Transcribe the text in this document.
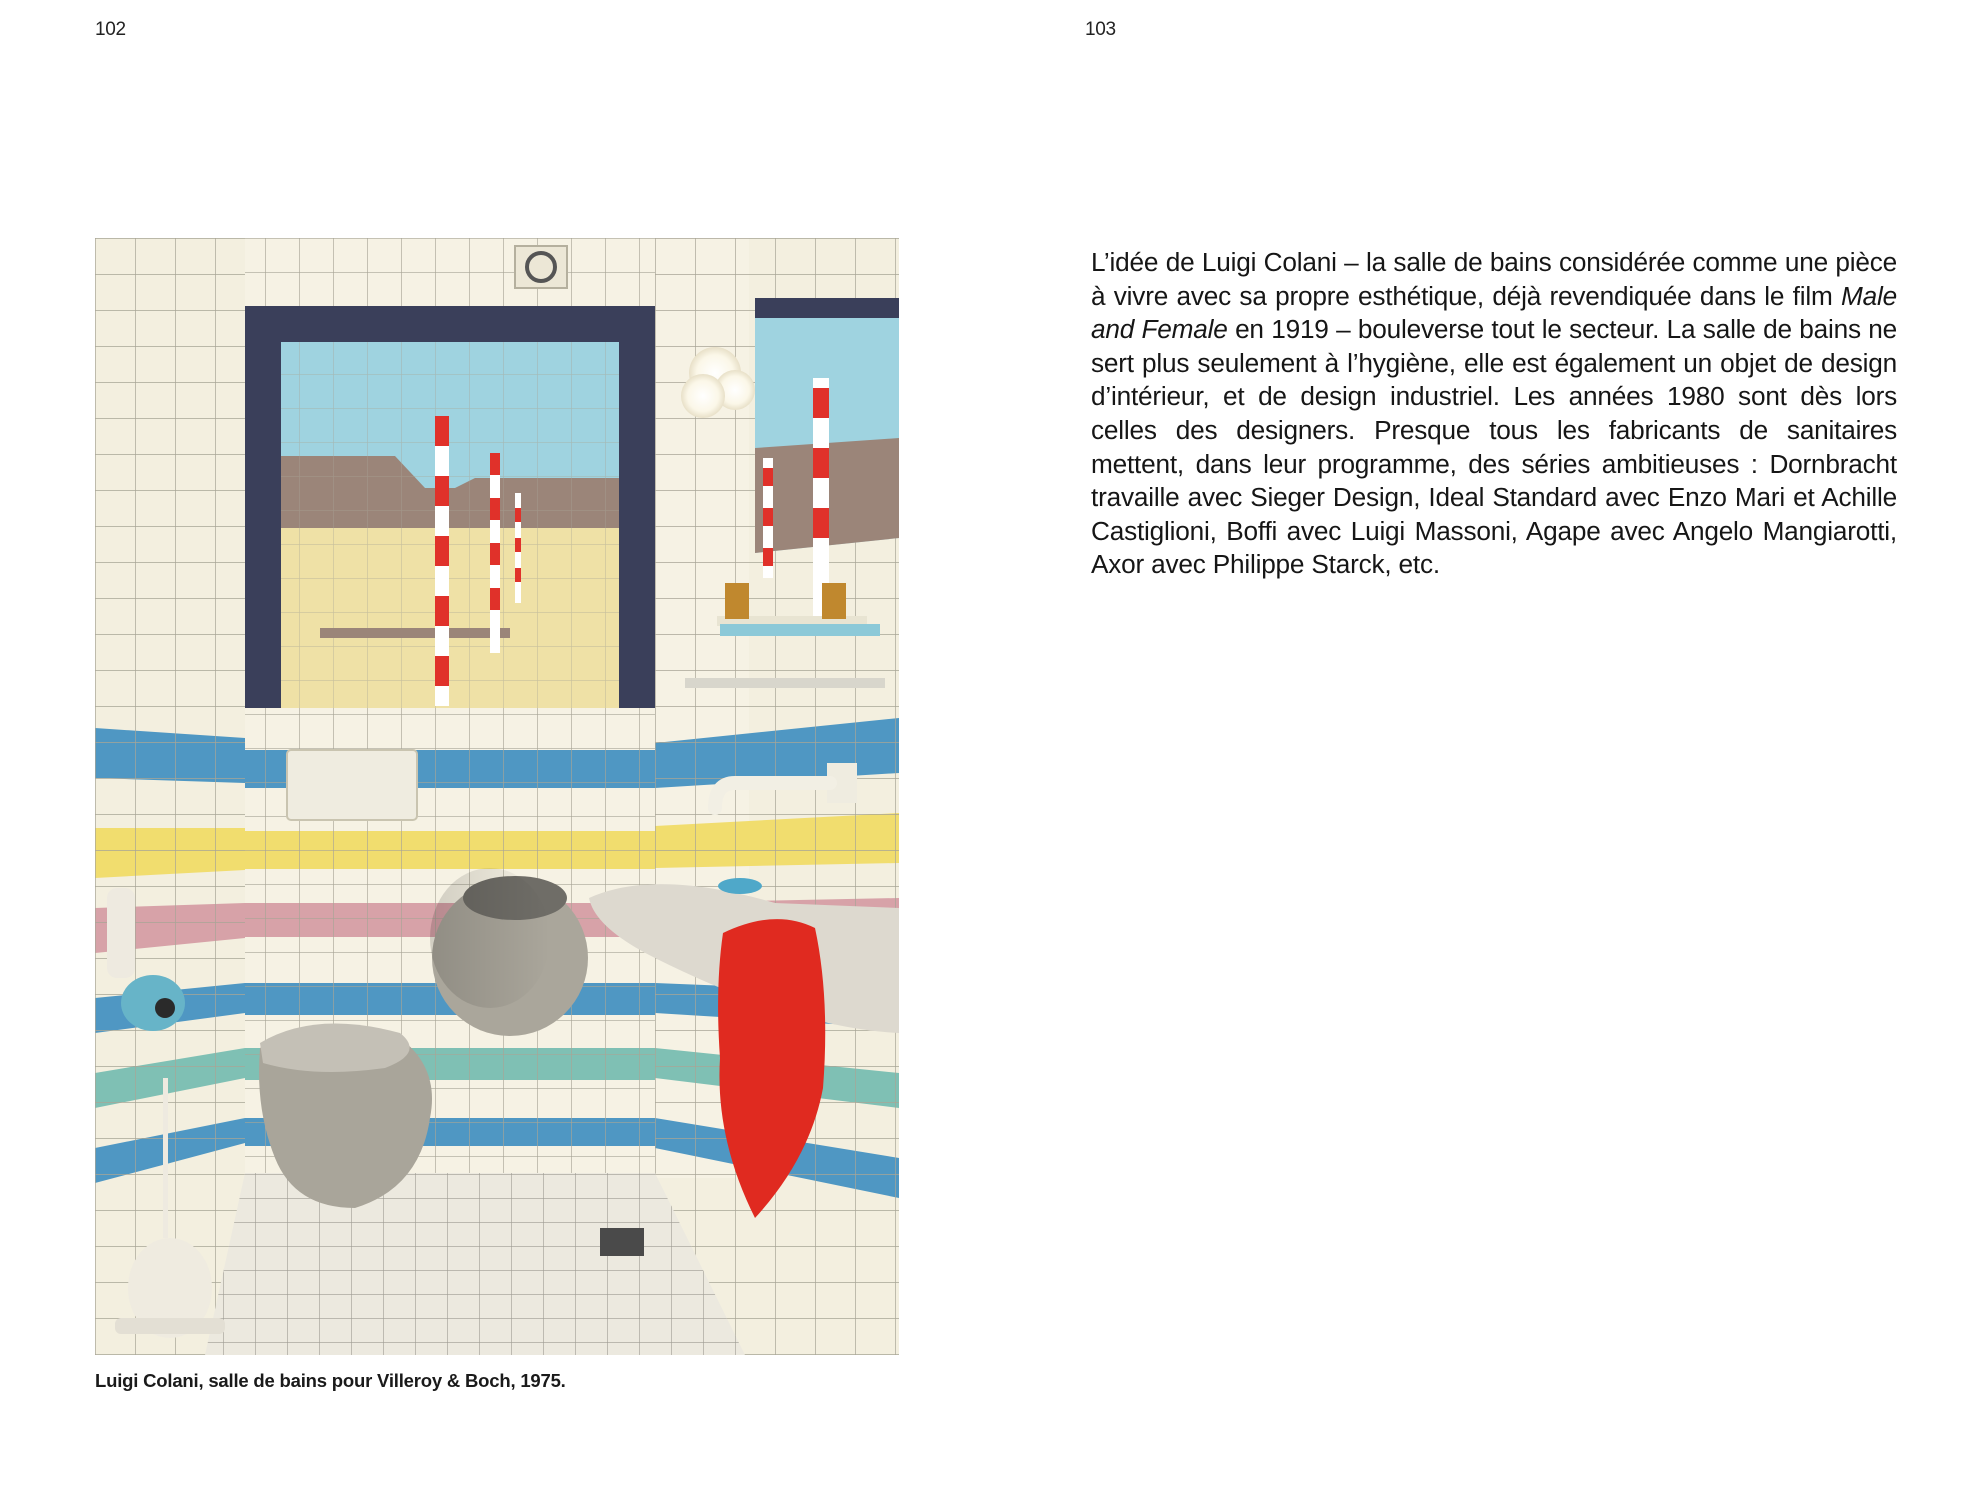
102
Luigi Colani, salle de bains pour Villeroy & Boch, 1975.
103
L’idée de Luigi Colani – la salle de bains considérée comme une pièce à vivre avec sa propre esthétique, déjà revendiquée dans le film Male and Female en 1919 – bouleverse tout le secteur. La salle de bains ne sert plus seulement à l’hygiène, elle est également un objet de design d’intérieur, et de design industriel. Les années 1980 sont dès lors celles des designers. Presque tous les fabricants de sanitaires mettent, dans leur programme, des séries ambitieuses : Dornbracht travaille avec Sieger Design, Ideal Standard avec Enzo Mari et Achille Castiglioni, Boffi avec Luigi Massoni, Agape avec Angelo Mangiarotti, Axor avec Philippe Starck, etc.
